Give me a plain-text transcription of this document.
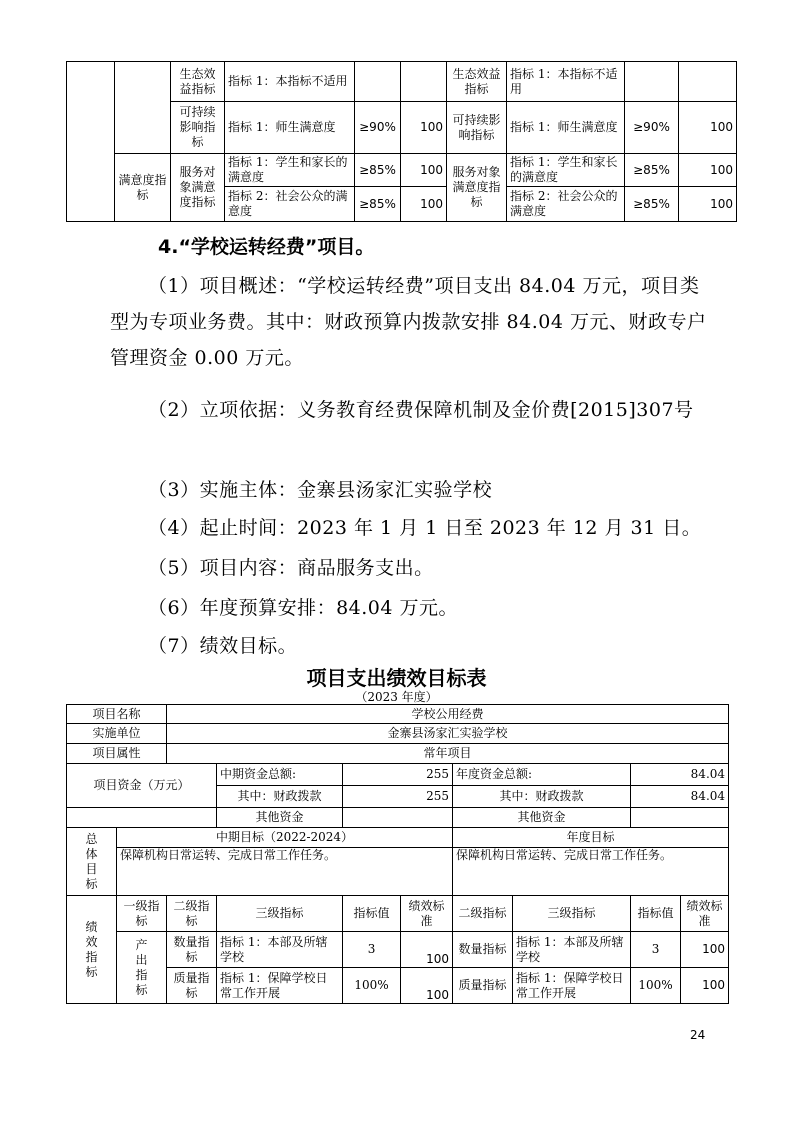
		生态效益指标	指标 1：本指标不适用			生态效益指标	指标 1：本指标不适用		
		可持续影响指标	指标 1：师生满意度	≥90%	100	可持续影响指标	指标 1：师生满意度	≥90%	100
	满意度指标	服务对象满意度指标	指标 1：学生和家长的满意度	≥85%	100	服务对象满意度指标	指标 1：学生和家长的满意度	≥85%	100
			指标 2：社会公众的满意度	≥85%	100		指标 2：社会公众的满意度	≥85%	100
4.“学校运转经费”项目。
（1）项目概述：“学校运转经费”项目支出 84.04 万元，项目类型为专项业务费。其中：财政预算内拨款安排 84.04 万元、财政专户管理资金 0.00 万元。
（2）立项依据：义务教育经费保障机制及金价费[2015]307号
（3）实施主体：金寨县汤家汇实验学校
（4）起止时间：2023 年 1 月 1 日至 2023 年 12 月 31 日。
（5）项目内容：商品服务支出。
（6）年度预算安排：84.04 万元。
（7）绩效目标。
项目支出绩效目标表
（2023 年度）
项目名称		学校公用经费							
实施单位		金寨县汤家汇实验学校							
项目属性		常年项目							
项目资金（万元）			中期资金总额:	255		年度资金总额:		84.04	
			其中：财政拨款	255		其中：财政拨款		84.04	
			其他资金			其他资金			
总体目标	中期目标（2022-2024）					年度目标			
	保障机构日常运转、完成日常工作任务。					保障机构日常运转、完成日常工作任务。			
绩效指标	一级指标	二级指标	三级指标	指标值	绩效标准	二级指标	三级指标	指标值	绩效标准
	产出指标	数量指标	指标 1：本部及所辖学校	3	100	数量指标	指标 1：本部及所辖学校	3	100
		质量指标	指标 1：保障学校日常工作开展	100%	100	质量指标	指标 1：保障学校日常工作开展	100%	100
24
